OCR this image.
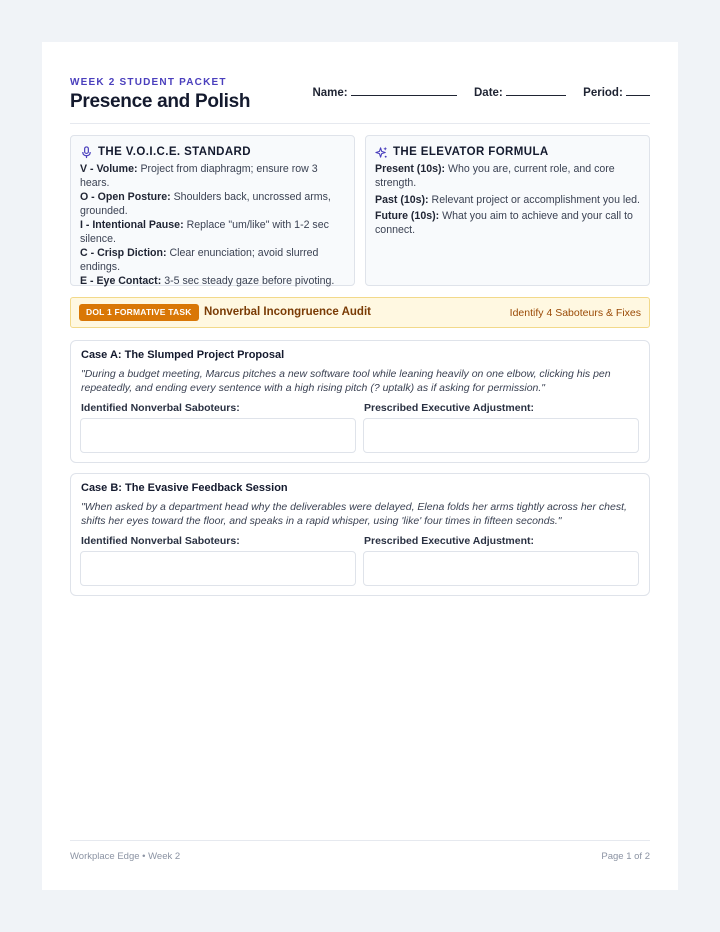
WEEK 2 STUDENT PACKET
Presence and Polish	Name:	Date:	Period:
THE V.O.I.C.E. STANDARD

V - Volume: Project from diaphragm; ensure row 3 hears.

O - Open Posture: Shoulders back, uncrossed arms, grounded.

I - Intentional Pause: Replace "um/like" with 1-2 sec silence.

C - Crisp Diction: Clear enunciation; avoid slurred endings.

E - Eye Contact: 3-5 sec steady gaze before pivoting.

THE ELEVATOR FORMULA

Present (10s): Who you are, current role, and core strength.

Past (10s): Relevant project or accomplishment you led.

Future (10s): What you aim to achieve and your call to connect.

DOL 1 FORMATIVE TASK	Nonverbal Incongruence Audit	Identify 4 Saboteurs & Fixes
Case A: The Slumped Project Proposal
"During a budget meeting, Marcus pitches a new software tool while leaning heavily on one elbow, clicking his pen repeatedly, and ending every sentence with a high rising pitch (? uptalk) as if asking for permission."
Identified Nonverbal Saboteurs:	Prescribed Executive Adjustment:
Case B: The Evasive Feedback Session
"When asked by a department head why the deliverables were delayed, Elena folds her arms tightly across her chest, shifts her eyes toward the floor, and speaks in a rapid whisper, using 'like' four times in fifteen seconds."
Identified Nonverbal Saboteurs:	Prescribed Executive Adjustment:
Workplace Edge • Week 2	Page 1 of 2
